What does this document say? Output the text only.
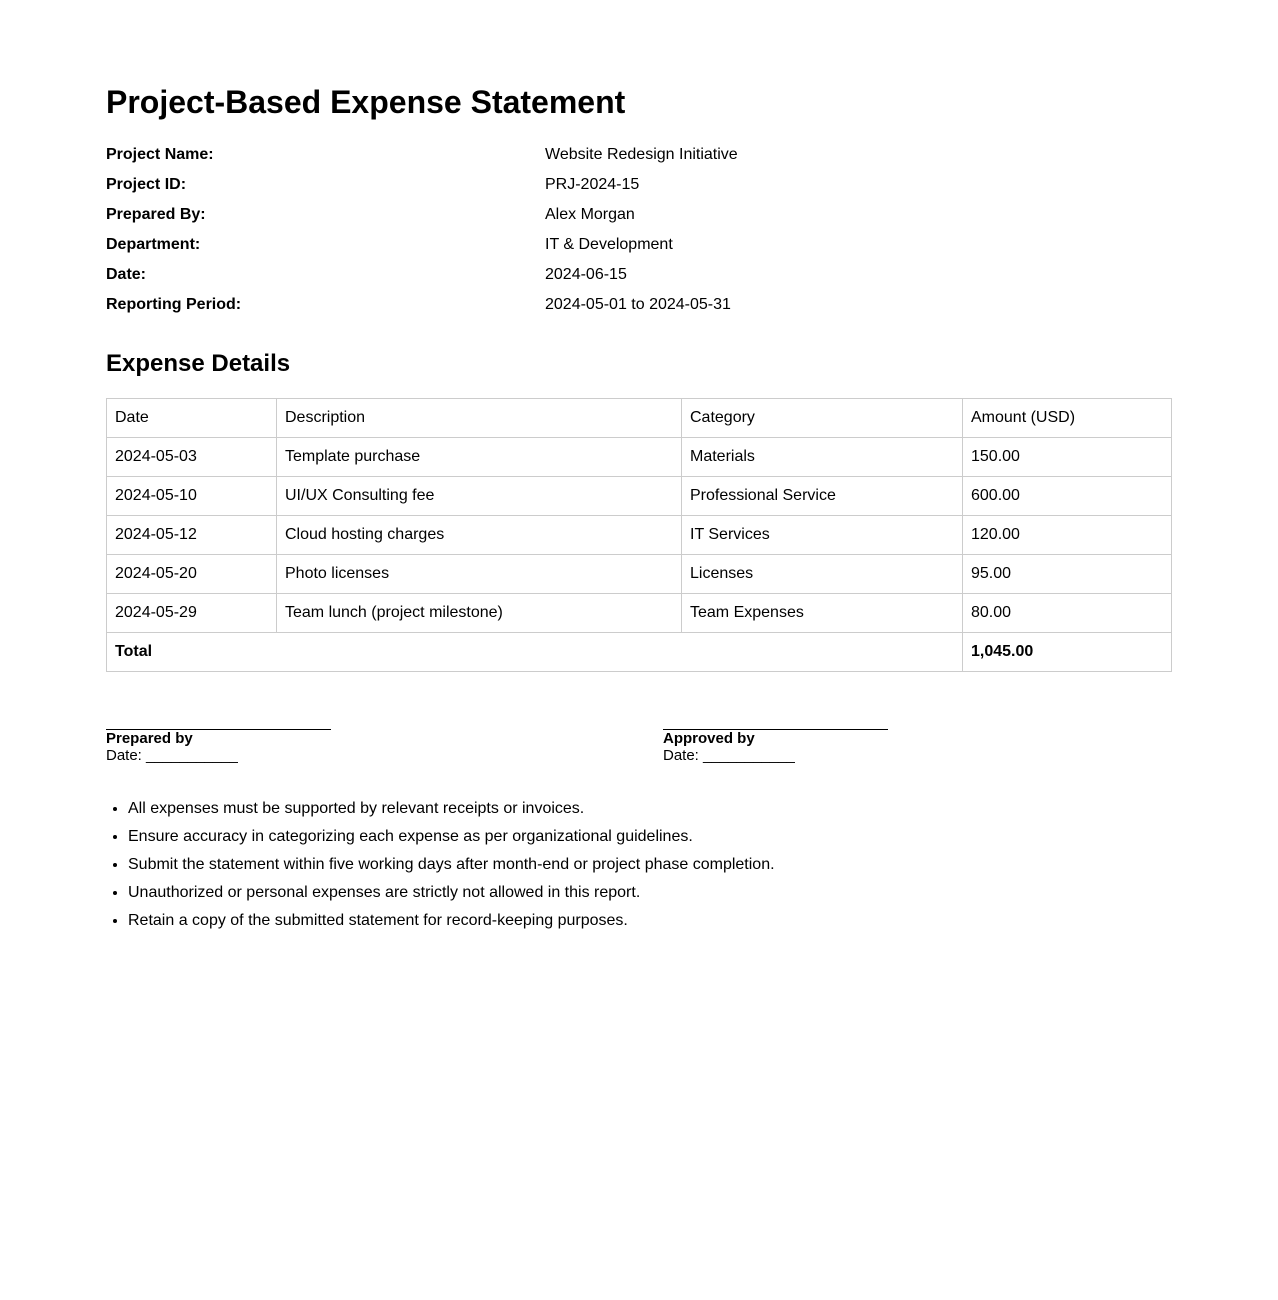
Project-Based Expense Statement
Project Name:	Website Redesign Initiative
Project ID:	PRJ-2024-15
Prepared By:	Alex Morgan
Department:	IT & Development
Date:	2024-06-15
Reporting Period:	2024-05-01 to 2024-05-31
Expense Details
Date	Description	Category	Amount (USD)
2024-05-03	Template purchase	Materials	150.00
2024-05-10	UI/UX Consulting fee	Professional Service	600.00
2024-05-12	Cloud hosting charges	IT Services	120.00
2024-05-20	Photo licenses	Licenses	95.00
2024-05-29	Team lunch (project milestone)	Team Expenses	80.00
Total			1,045.00
Prepared by
Date: ___________
Approved by
Date: ___________
• All expenses must be supported by relevant receipts or invoices.
• Ensure accuracy in categorizing each expense as per organizational guidelines.
• Submit the statement within five working days after month-end or project phase completion.
• Unauthorized or personal expenses are strictly not allowed in this report.
• Retain a copy of the submitted statement for record-keeping purposes.
